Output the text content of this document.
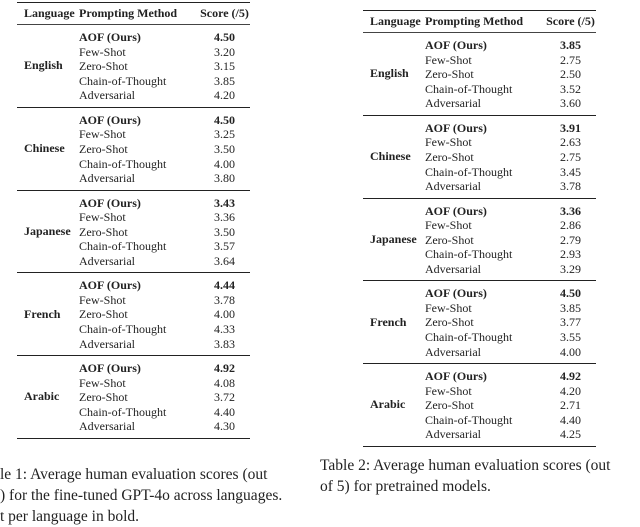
Language Prompting Method	Score (/5)
English
AOF (Ours)	4.50
Few-Shot	3.20
Zero-Shot	3.15
Chain-of-Thought	3.85
Adversarial	4.20
Chinese
AOF (Ours)	4.50
Few-Shot	3.25
Zero-Shot	3.50
Chain-of-Thought	4.00
Adversarial	3.80
Japanese
AOF (Ours)	3.43
Few-Shot	3.36
Zero-Shot	3.50
Chain-of-Thought	3.57
Adversarial	3.64
French
AOF (Ours)	4.44
Few-Shot	3.78
Zero-Shot	4.00
Chain-of-Thought	4.33
Adversarial	3.83
Arabic
AOF (Ours)	4.92
Few-Shot	4.08
Zero-Shot	3.72
Chain-of-Thought	4.40
Adversarial	4.30
le 1: Average human evaluation scores (out
) for the fine-tuned GPT-4o across languages.
t per language in bold.
Language Prompting Method	Score (/5)
English
AOF (Ours)	3.85
Few-Shot	2.75
Zero-Shot	2.50
Chain-of-Thought	3.52
Adversarial	3.60
Chinese
AOF (Ours)	3.91
Few-Shot	2.63
Zero-Shot	2.75
Chain-of-Thought	3.45
Adversarial	3.78
Japanese
AOF (Ours)	3.36
Few-Shot	2.86
Zero-Shot	2.79
Chain-of-Thought	2.93
Adversarial	3.29
French
AOF (Ours)	4.50
Few-Shot	3.85
Zero-Shot	3.77
Chain-of-Thought	3.55
Adversarial	4.00
Arabic
AOF (Ours)	4.92
Few-Shot	4.20
Zero-Shot	2.71
Chain-of-Thought	4.40
Adversarial	4.25
Table 2: Average human evaluation scores (out
of 5) for pretrained models.
